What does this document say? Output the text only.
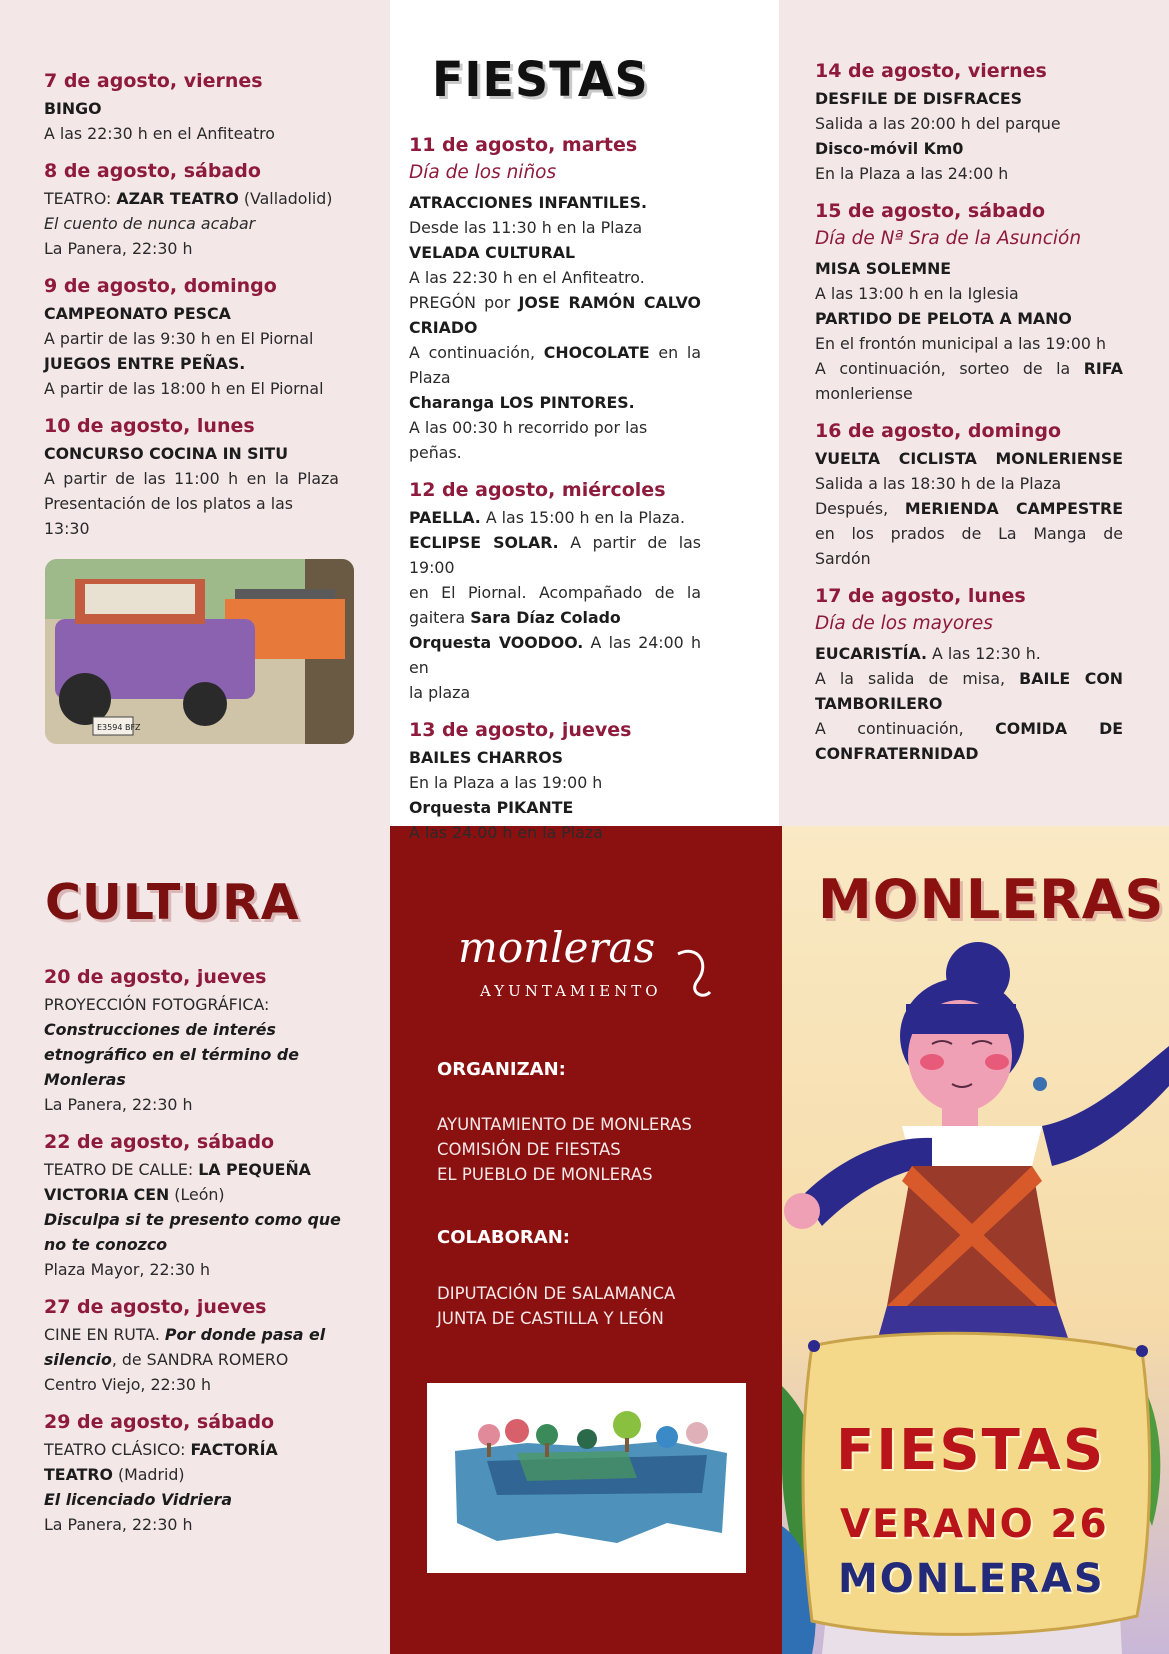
7 de agosto, viernes
BINGO
A las 22:30 h en el Anfiteatro
8 de agosto, sábado
TEATRO: AZAR TEATRO (Valladolid)
El cuento de nunca acabar
La Panera, 22:30 h
9 de agosto, domingo
CAMPEONATO PESCA
A partir de las 9:30 h en El Piornal
JUEGOS ENTRE PEÑAS.
A partir de las 18:00 h en El Piornal
10 de agosto, lunes
CONCURSO COCINA IN SITU
A partir de las 11:00 h en la Plaza
Presentación de los platos a las 13:30
E3594 BFZ
FIESTAS
11 de agosto, martes
Día de los niños
ATRACCIONES INFANTILES.
Desde las 11:30 h en la Plaza
VELADA CULTURAL
A las 22:30 h en el Anfiteatro.
PREGÓN por JOSE RAMÓN CALVO
CRIADO
A continuación, CHOCOLATE en la
Plaza
Charanga LOS PINTORES.
A las 00:30 h recorrido por las peñas.
12 de agosto, miércoles
PAELLA. A las 15:00 h en la Plaza.
ECLIPSE SOLAR. A partir de las 19:00
en El Piornal. Acompañado de la
gaitera Sara Díaz Colado
Orquesta VOODOO. A las 24:00 h en
la plaza
13 de agosto, jueves
BAILES CHARROS
En la Plaza a las 19:00 h
Orquesta PIKANTE
A las 24.00 h en la Plaza
14 de agosto, viernes
DESFILE DE DISFRACES
Salida a las 20:00 h del parque
Disco-móvil Km0
En la Plaza a las 24:00 h
15 de agosto, sábado
Día de Nª Sra de la Asunción
MISA SOLEMNE
A las 13:00 h en la Iglesia
PARTIDO DE PELOTA A MANO
En el frontón municipal a las 19:00 h
A continuación, sorteo de la RIFA
monleriense
16 de agosto, domingo
VUELTA CICLISTA MONLERIENSE
Salida a las 18:30 h de la Plaza
Después, MERIENDA CAMPESTRE
en los prados de La Manga de
Sardón
17 de agosto, lunes
Día de los mayores
EUCARISTÍA. A las 12:30 h.
A la salida de misa, BAILE CON
TAMBORILERO
A continuación, COMIDA DE
CONFRATERNIDAD
CULTURA
20 de agosto, jueves
PROYECCIÓN FOTOGRÁFICA:
Construcciones de interés
etnográfico en el término de
Monleras
La Panera, 22:30 h
22 de agosto, sábado
TEATRO DE CALLE: LA PEQUEÑA
VICTORIA CEN (León)
Disculpa si te presento como que
no te conozco
Plaza Mayor, 22:30 h
27 de agosto, jueves
CINE EN RUTA. Por donde pasa el
silencio, de SANDRA ROMERO
Centro Viejo, 22:30 h
29 de agosto, sábado
TEATRO CLÁSICO: FACTORÍA
TEATRO (Madrid)
El licenciado Vidriera
La Panera, 22:30 h
monleras
AYUNTAMIENTO
ORGANIZAN:
AYUNTAMIENTO DE MONLERAS
COMISIÓN DE FIESTAS
EL PUEBLO DE MONLERAS
COLABORAN:
DIPUTACIÓN DE SALAMANCA
JUNTA DE CASTILLA Y LEÓN
MONLERAS
FIESTAS
VERANO 26
MONLERAS
